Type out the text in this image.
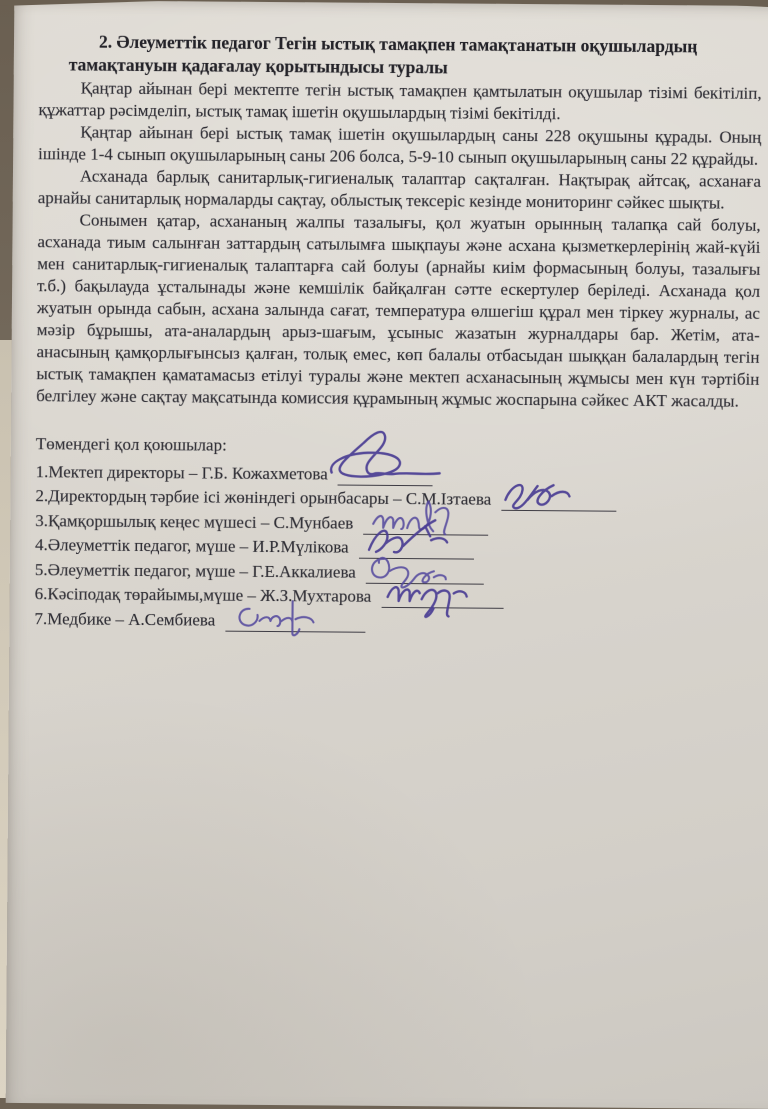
2. Әлеуметтік педагог Тегін ыстық тамақпен тамақтанатын оқушылардың
тамақтануын қадағалау қорытындысы туралы

Қаңтар айынан бері мектепте тегін ыстық тамақпен қамтылатын оқушылар тізімі бекітіліп, құжаттар рәсімделіп, ыстық тамақ ішетін оқушылардың тізімі бекітілді.

Қаңтар айынан бері ыстық тамақ ішетін оқушылардың саны 228 оқушыны құрады. Оның ішінде 1-4 сынып оқушыларының саны 206 болса, 5-9-10 сынып оқушыларының саны 22 құрайды.

Асханада барлық санитарлық-гигиеналық талаптар сақталған. Нақтырақ айтсақ, асханаға арнайы санитарлық нормаларды сақтау, облыстық тексеріс кезінде мониторинг сәйкес шықты.

Сонымен қатар, асхананың жалпы тазалығы, қол жуатын орынның талапқа сай болуы, асханада тиым салынған заттардың сатылымға шықпауы және асхана қызметкерлерінің жай-күйі мен санитарлық-гигиеналық талаптарға сай болуы (арнайы киім формасының болуы, тазалығы т.б.) бақылауда ұсталынады және кемшілік байқалған сәтте ескертулер беріледі. Асханада қол жуатын орында сабын, асхана залында сағат, температура өлшегіш құрал мен тіркеу журналы, ас мәзір бұрышы, ата-аналардың арыз-шағым, ұсыныс жазатын журналдары бар. Жетім, ата-анасының қамқорлығынсыз қалған, толық емес, көп балалы отбасыдан шыққан балалардың тегін ыстық тамақпен қаматамасыз етілуі туралы және мектеп асханасының жұмысы мен күн тәртібін белгілеу және сақтау мақсатында комиссия құрамының жұмыс жоспарына сәйкес АКТ жасалды.

Төмендегі қол қоюшылар:

1.Мектеп директоры – Г.Б. Кожахметова
2.Директордың тәрбие ісі жөніндегі орынбасары – С.М.Ізтаева
3.Қамқоршылық кеңес мүшесі – С.Мунбаев
4.Әлеуметтік педагог, мүше – И.Р.Мүлікова
5.Әлеуметтік педагог, мүше – Г.Е.Аккалиева
6.Кәсіподақ төрайымы,мүше – Ж.З.Мухтарова
7.Медбике – А.Сембиева
